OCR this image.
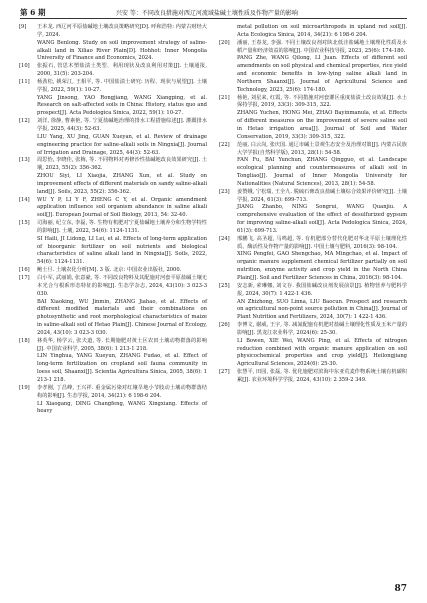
第 6 期	兴安 等：不同改良措施对西辽河流域盐碱土壤性质及作物产量的影响

[9] 王本龙. 西辽河平原盐碱地土壤改良策略研究[D]. 呼和浩特: 内蒙古财经大学, 2024.

WANG Benlong. Study on soil improvement strategy of saline-alkali land in Xiliao River Plain[D]. Hohhot: Inner Mongolia University of Finance and Economics, 2024.

[10] 张振石, 管思木塑盐渍土类型、利用现状及改良利用对策[J]. 土壤通报, 2000, 31(5): 203-204.

[11] 杨劲松, 姚荣江, 王相平, 等. 中国盐渍土研究: 历程、现状与展望[J]. 土壤学报, 2022, 59(1): 10-27.

YANG Jinsong, YAO Rongjiang, WANG Xiangping, et al. Research on salt-affected soils in China: History, status quo and prospect[J]. Acta Pedologica Sinica, 2022, 59(1): 10-27.

[12] 刘洋, 徐静, 曹素艳, 等. 宁夏盐碱地治理的排水工程措施综述[J]. 灌溉排水学报, 2025, 44(3): 52-63.

LIU Yang, XU Jing, GUAN Xueyan, et al. Review of drainage engineering practice for saline-alkali soils in Ningxia[J]. Journal of Irrigation and Drainage, 2025, 44(3): 52-63.

[13] 周思怡, 李晓佳, 张梅, 等. 不同物料对再修沙性盐碱地改良效果研究[J]. 土壤, 2023, 55(2): 356-362.

ZHOU Siyi, LI Xiaojia, ZHANG Xun, et al. Study on improvement effects of different materials on sandy saline-alkali land[J]. Soils, 2023, 55(2): 356-362.

[14] WU Y P, LI Y F, ZHENG C Y, et al. Organic amendment application influence soil organism abundance in saline alkali soil[J]. European Journal of Soil Biology, 2013, 54: 32-40.

[15] 司海丽, 纪立东, 李磊, 等. 生物有机肥对宁夏盐碱地土壤养分和生物学特性的影响[J]. 土壤, 2022, 54(6): 1124-1131.

SI Haili, JI Lidong, LI Lei, et al. Effects of long-term application of bioorganic fertilizer on soil nutrients and biological characteristics of saline alkali land in Ningxia[J]. Soils, 2022, 54(6): 1124-1131.

[16] 鲍士旦. 土壤农化分析[M]. 3 版. 北京: 中国农业出版社, 2000.

[17] 白小军, 武丽娟, 张意豪, 等. 不同改良物料及其配施对河套平原盐碱土壤无本光合与根系形态特征的影响[J]. 生态学杂志, 2024, 43(10): 3 023-3 030.

BAI Xiaoking, WU Jinmin, ZHANG Jiahao, et al. Effects of different modified materials and their combinations on photosynthetic and root morphological characteristics of maize in saline-alkali soil of Hetao Plain[J]. Chinese Journal of Ecology, 2024, 43(10): 3 023-3 030.

[18] 林英华, 杨学云, 张夫道, 等. 长期施肥对黄土区农田土壤动物群落的影响[J]. 中国农业科学, 2005, 38(6): 1 213-1 218.

LIN Yinghua, YANG Xueyun, ZHANG Fudao, et al. Effect of long-term fertilization on cropland soil fauna community in loess soil, Shaanxi[J]. Scientia Agricultura Sinica, 2005, 38(6): 1 213-1 218.

[19] 李孝刚, 丁昌峰, 王兴祥. 重金属污染对红壤旱地小节肢动土壤动物群落结构的影响[J]. 生态学报, 2014, 34(21): 6 198-6 204.

LI Xiaogang, DING Changfeng, WANG Xingxiang. Effects of heavy

metal pollution on soil microarthropods in upland red soil[J]. Acta Ecologica Sinica, 2014, 34(21): 6 198-6 204.

[20] 潘丽, 王春龙, 李强. 不同土壤改良剂对陕北低洼盐碱地土壤理化性质及水稻产量和经济效益的影响[J]. 中国农业科技导报, 2023, 25(6): 174-180.

PANG Zhe, WANG Qilong, LI Juan. Effects of different soil amendments on soil physical and chemical properties, rice yield and economic benefits in low-lying saline alkali land in Northern Shaanxi[J]. Journal of Agricultural Science and Technology, 2023, 25(6): 174-180.

[21] 杨艳, 刘星来, 红霞, 等. 不同措施对河套灌区重度盐渍土改良效果[J]. 水土保持学报, 2019, 33(3): 309-315, 322.

ZHANG Yuchen, HONG Mei, ZHAO Bayinmanula, et al. Effects of different measures on the improvement of severe saline soil in Hetao irrigation area[J]. Journal of Soil and Water Conservation, 2019, 33(3): 309-315, 322.

[22] 范丽, 白云岗, 张庆国. 通辽市碱土景观生态安全及治理对策[J]. 内蒙古民族大学学报(自然科学版), 2013, 28(1): 54-58.

FAN Fu, BAI Yunchun, ZHANG Qingguo, et al. Landscape ecological planning and countermeasures of alkali soil in Tongliao[J]. Journal of Inner Mongolia University for Nationalities (Natural Sciences), 2013, 28(1): 54-58.

[23] 姜赞娥, 宁松瑞, 王全九. 脱硫石膏改良盐碱土壤综合效果评价研究[J]. 土壤学报, 2024, 61(3): 699-713.

JIANG Zhanbo, NING Songrui, WANG Quanjiu. A comprehensive evaluation of the effect of desulfurized gypsum for improving saline-alkali soil[J]. Acta Pedologica Sinica, 2024, 61(3): 699-713.

[24] 邢鹏飞, 高圣超, 马鸣超, 等. 有机肥部分替代化肥对华北平原土壤理化性质、酶活性及作物产量的影响[J]. 中国土壤与肥料, 2016(3): 98-104.

XING Pengfei, GAO Shengchao, MA Mingchao, et al. Impact of organic manure supplement chemical fertilizer partially on soil nutrition, enzyme activity and crop yield in the North China Plain[J]. Soil and Fertilizer Sciences in China, 2016(3): 98-104.

[25] 安志新, 索琳娜, 刘文存. 我国盐碱改良剂发展前景[J]. 植物营养与肥料学报, 2024, 30(7): 1 422-1 436.

AN Zhizhong, SUO Linna, LIU Baocun. Prospect and research on agricultural non-point source pollution in China[J]. Journal of Plant Nutrition and Fertilizers, 2024, 30(7): 1 422-1 436.

[26] 李博文, 谢威, 王宇, 等. 减氮配施有机肥对盐碱土壤理化性质及玉米产量的影响[J]. 黑龙江农业科学, 2024(6): 25-30.

LI Bowen, XIE Wei, WANG Ping, et al. Effects of nitrogen reduction combined with organic manure application on soil physicochemical properties and crop yield[J]. Heilongjiang Agricultural Sciences, 2024(6): 25-30.

[27] 张慧平, 田园, 张磊, 等. 优化施肥对滨海中东亚荒麦作物系统土壤有机碳积累[J]. 农业环境科学学报, 2024, 43(10): 2 359-2 349.

87
